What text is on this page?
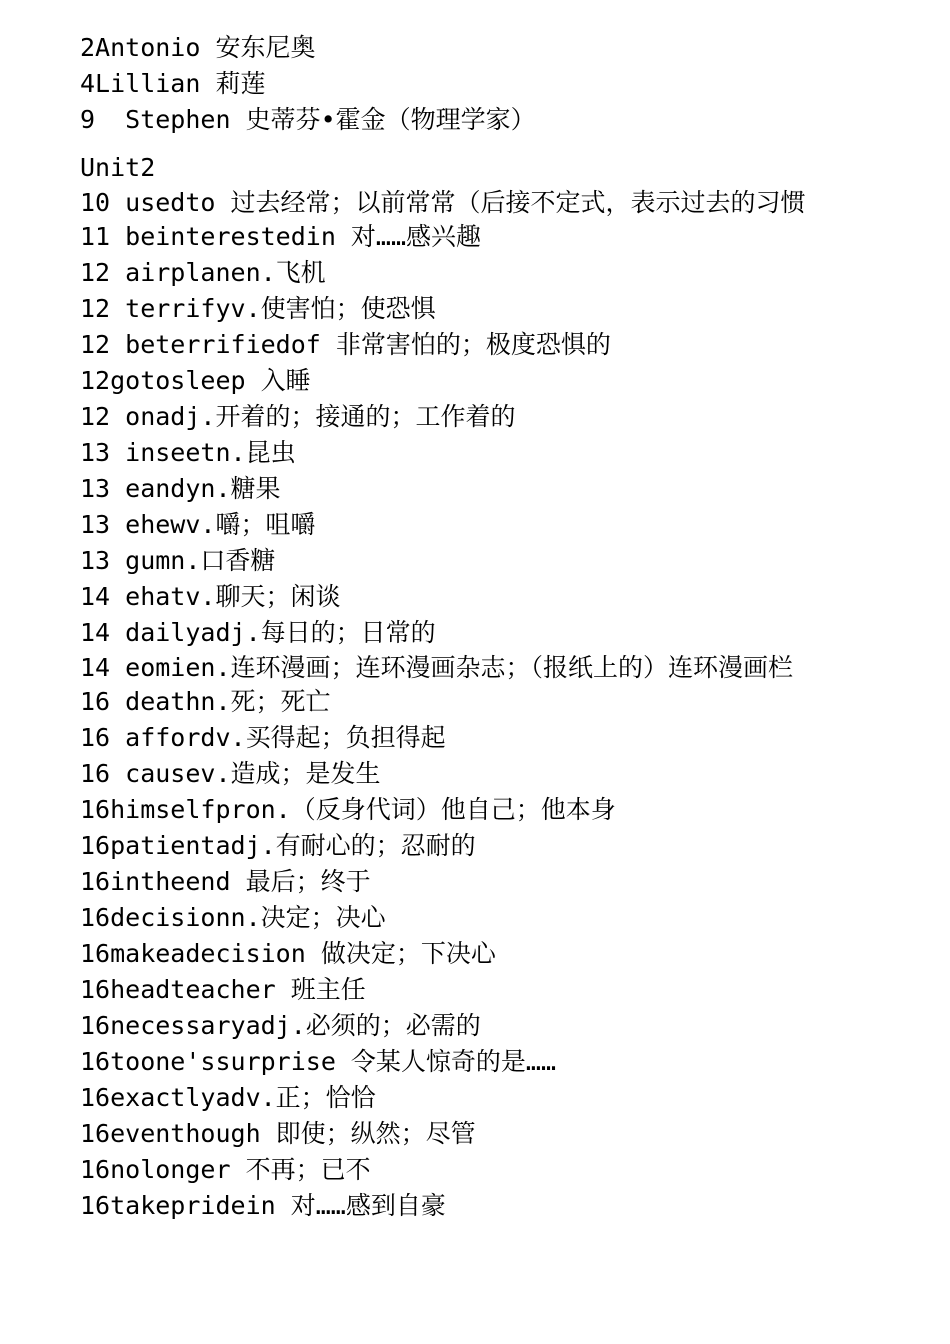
2Antonio 安东尼奥
4Lillian 莉莲
9  Stephen 史蒂芬•霍金（物理学家）
Unit2
10 usedto 过去经常；以前常常（后接不定式，表示过去的习惯
11 beinterestedin 对……感兴趣
12 airplanen.飞机
12 terrifyv.使害怕；使恐惧
12 beterrifiedof 非常害怕的；极度恐惧的
12gotosleep 入睡
12 onadj.开着的；接通的；工作着的
13 inseetn.昆虫
13 eandyn.糖果
13 ehewv.嚼；咀嚼
13 gumn.口香糖
14 ehatv.聊天；闲谈
14 dailyadj.每日的；日常的
14 eomien.连环漫画；连环漫画杂志；（报纸上的）连环漫画栏
16 deathn.死；死亡
16 affordv.买得起；负担得起
16 causev.造成；是发生
16himselfpron.（反身代词）他自己；他本身
16patientadj.有耐心的；忍耐的
16intheend 最后；终于
16decisionn.决定；决心
16makeadecision 做决定；下决心
16headteacher 班主任
16necessaryadj.必须的；必需的
16toone'ssurprise 令某人惊奇的是……
16exactlyadv.正；恰恰
16eventhough 即使；纵然；尽管
16nolonger 不再；已不
16takepridein 对……感到自豪
